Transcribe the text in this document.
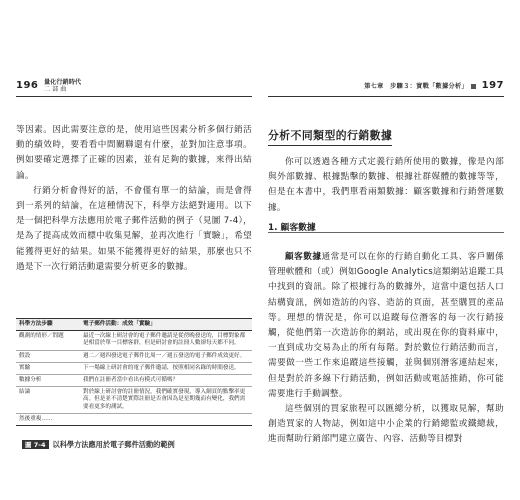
196 量化行銷時代
二 部 曲

等因素。因此需要注意的是，使用這些因素分析多個行銷活動的績效時，要看看中間關聯還有什麼，並對加注意事項。例如要確定選擇了正確的因素，並有足夠的數據，來得出結論。

行銷分析會得好的話，不會僅有單一的結論，而是會得到一系列的結論，在這種情況下，科學方法絕對適用。以下是一個把科學方法應用於電子郵件活動的例子（見圖 7-4），是為了提高成效而標中收集見解，並再次進行「實驗」，希望能獲得更好的結果。如果不能獲得更好的結果，那麼也只不過是下一次行銷活動還需要分析更多的數據。

科學方法步驟	電子郵件活動：成效「實驗」
觀測的情形／問題	最近一次線上研討會的電子郵件邀請是從傍晚發送的，目標對象都是相當於單一目標客群，但是研討會的註冊人數卻每天都不同。
假設	週二／週四發送電子郵件比周一／週五發送的電子郵件成效更好。
實驗	下一場線上研討會的電子郵件邀請，按照相同名錄的時間發送。
數據分析	我們在註冊者當中看出有模式可循嗎？
結論	對於線上研討會的註冊情況，我們確實發現，導入網頁的點擊率更高。但是並不清楚實際註冊是否會因為是星期幾而有變化，我們需要看更多的測試。
然後重複……	
圖 7-4 以科學方法應用於電子郵件活動的範例
第七章　步驟３：實戰「數據分析」	197
分析不同類型的行銷數據

你可以透過各種方式定義行銷所使用的數據，像是內部與外部數據、根據點擊的數據、根據社群媒體的數據等等，但是在本書中，我們單看兩類數據：顧客數據和行銷營運數據。

1. 顧客數據

顧客數據通常是可以在你的行銷自動化工具、客戶關係管理軟體和（或）例如Google Analytics這類網站追蹤工具中找到的資訊。除了根據行為的數據外，這當中還包括人口結構資訊，例如造訪的內容、造訪的頁面，甚至購買的產品等。理想的情況是，你可以追蹤每位潛客的每一次行銷接觸，從他們第一次造訪你的網站，或出現在你的資料庫中，一直到成功交易為止的所有每階。對於數位行銷活動而言，需要做一些工作來追蹤這些接觸，並與個別潛客連結起來，但是對於許多線下行銷活動，例如活動或電話推銷，你可能需要進行手動調整。

這些個別的買家旅程可以匯總分析，以獲取見解，幫助創造買家的人物誌，例如這中小企業的行銷總監或鐵總裁，進而幫助行銷部門建立廣告、內容、活動等目標對
